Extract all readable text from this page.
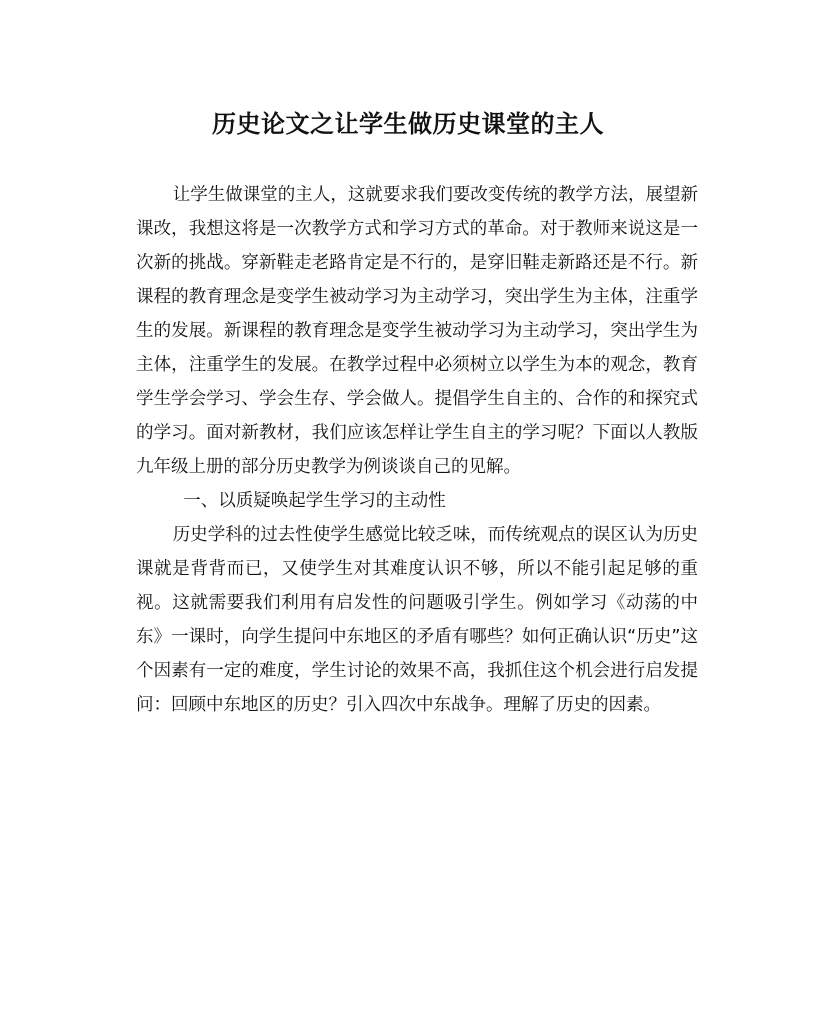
历史论文之让学生做历史课堂的主人

让学生做课堂的主人，这就要求我们要改变传统的教学方法，展望新课改，我想这将是一次教学方式和学习方式的革命。对于教师来说这是一次新的挑战。穿新鞋走老路肯定是不行的，是穿旧鞋走新路还是不行。新课程的教育理念是变学生被动学习为主动学习，突出学生为主体，注重学生的发展。新课程的教育理念是变学生被动学习为主动学习，突出学生为主体，注重学生的发展。在教学过程中必须树立以学生为本的观念，教育学生学会学习、学会生存、学会做人。提倡学生自主的、合作的和探究式的学习。面对新教材，我们应该怎样让学生自主的学习呢？下面以人教版九年级上册的部分历史教学为例谈谈自己的见解。

一、以质疑唤起学生学习的主动性

历史学科的过去性使学生感觉比较乏味，而传统观点的误区认为历史课就是背背而已，又使学生对其难度认识不够，所以不能引起足够的重视。这就需要我们利用有启发性的问题吸引学生。例如学习《动荡的中东》一课时，向学生提问中东地区的矛盾有哪些？如何正确认识“历史”这个因素有一定的难度，学生讨论的效果不高，我抓住这个机会进行启发提问：回顾中东地区的历史？引入四次中东战争。理解了历史的因素。
